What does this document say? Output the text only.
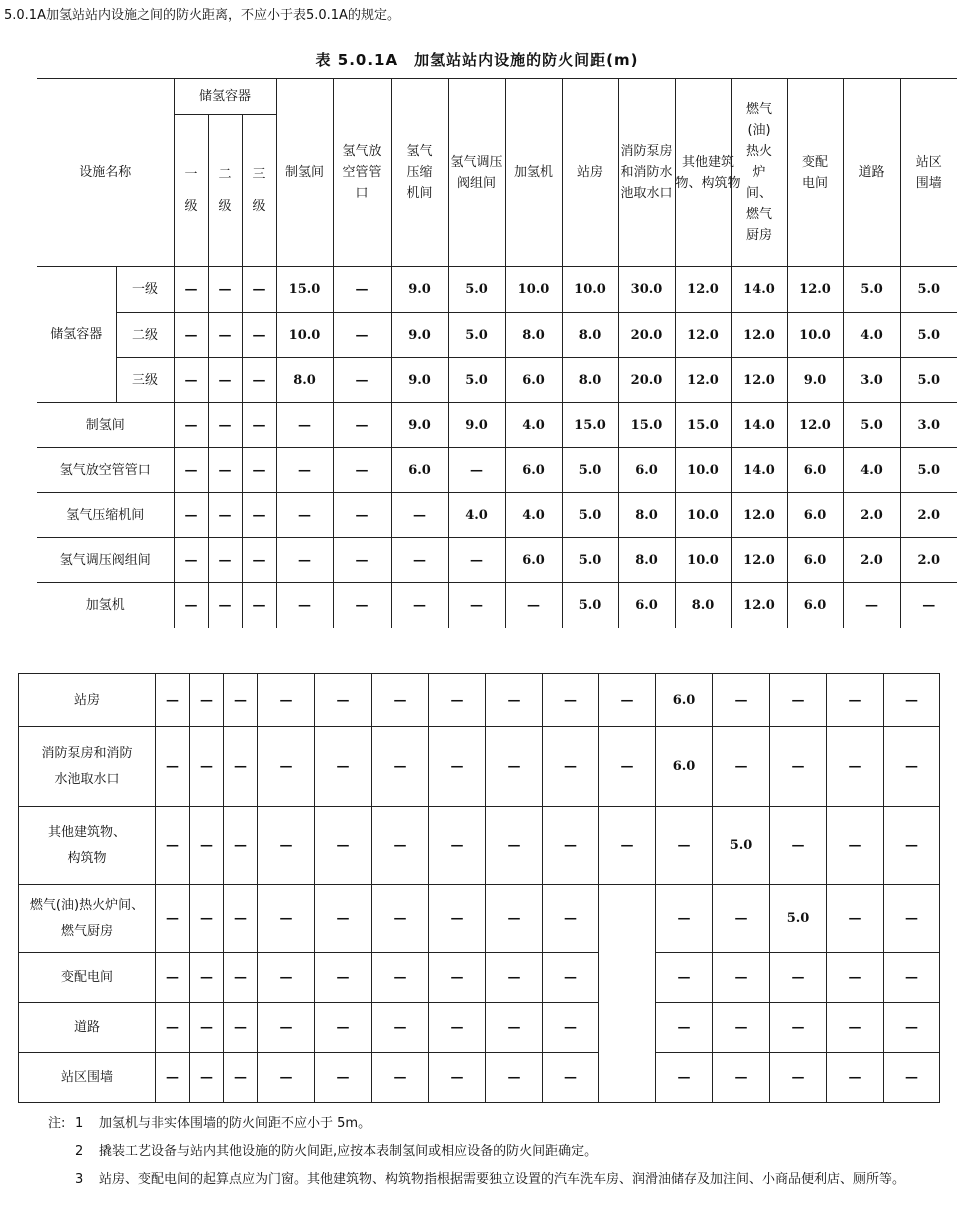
5.0.1A加氢站站内设施之间的防火距离，不应小于表5.0.1A的规定。
表 5.0.1A　加氢站站内设施的防火间距(m)
设施名称		储氢容器			制氢间	氢气放空管管口	氢气压缩机间	氢气调压阀组间	加氢机	站房	消防泵房和消防水池取水口	其他建筑物、构筑物	燃气(油)热火炉间、燃气厨房	变配电间	道路	站区围墙

		一级	二级	三级												

储氢容器	一级	—	—	—	15.0	—	9.0	5.0	10.0	10.0	30.0	12.0	14.0	12.0	5.0	5.0
	二级	—	—	—	10.0	—	9.0	5.0	8.0	8.0	20.0	12.0	12.0	10.0	4.0	5.0
	三级	—	—	—	8.0	—	9.0	5.0	6.0	8.0	20.0	12.0	12.0	9.0	3.0	5.0
制氢间		—	—	—	—	—	9.0	9.0	4.0	15.0	15.0	15.0	14.0	12.0	5.0	3.0
氢气放空管管口		—	—	—	—	—	6.0	—	6.0	5.0	6.0	10.0	14.0	6.0	4.0	5.0
氢气压缩机间		—	—	—	—	—	—	4.0	4.0	5.0	8.0	10.0	12.0	6.0	2.0	2.0
氢气调压阀组间		—	—	—	—	—	—	—	6.0	5.0	8.0	10.0	12.0	6.0	2.0	2.0
加氢机		—	—	—	—	—	—	—	—	5.0	6.0	8.0	12.0	6.0	—	—
站房	—	—	—	—	—	—	—	—	—	—	6.0	—	—	—	—

消防泵房和消防水池取水口	—	—	—	—	—	—	—	—	—	—	6.0	—	—	—	—

其他建筑物、构筑物	—	—	—	—	—	—	—	—	—	—	—	5.0	—	—	—

燃气(油)热火炉间、燃气厨房	—	—	—	—	—	—	—	—	—		—	—	5.0	—	—

变配电间	—	—	—	—	—	—	—	—	—		—	—	—	—	—

道路	—	—	—	—	—	—	—	—	—		—	—	—	—	—

站区围墙	—	—	—	—	—	—	—	—	—		—	—	—	—	—
注: 1	加氢机与非实体围墙的防火间距不应小于 5m。
2	撬装工艺设备与站内其他设施的防火间距,应按本表制氢间或相应设备的防火间距确定。
3	站房、变配电间的起算点应为门窗。其他建筑物、构筑物指根据需要独立设置的汽车洗车房、润滑油储存及加注间、小商品便利店、厕所等。
